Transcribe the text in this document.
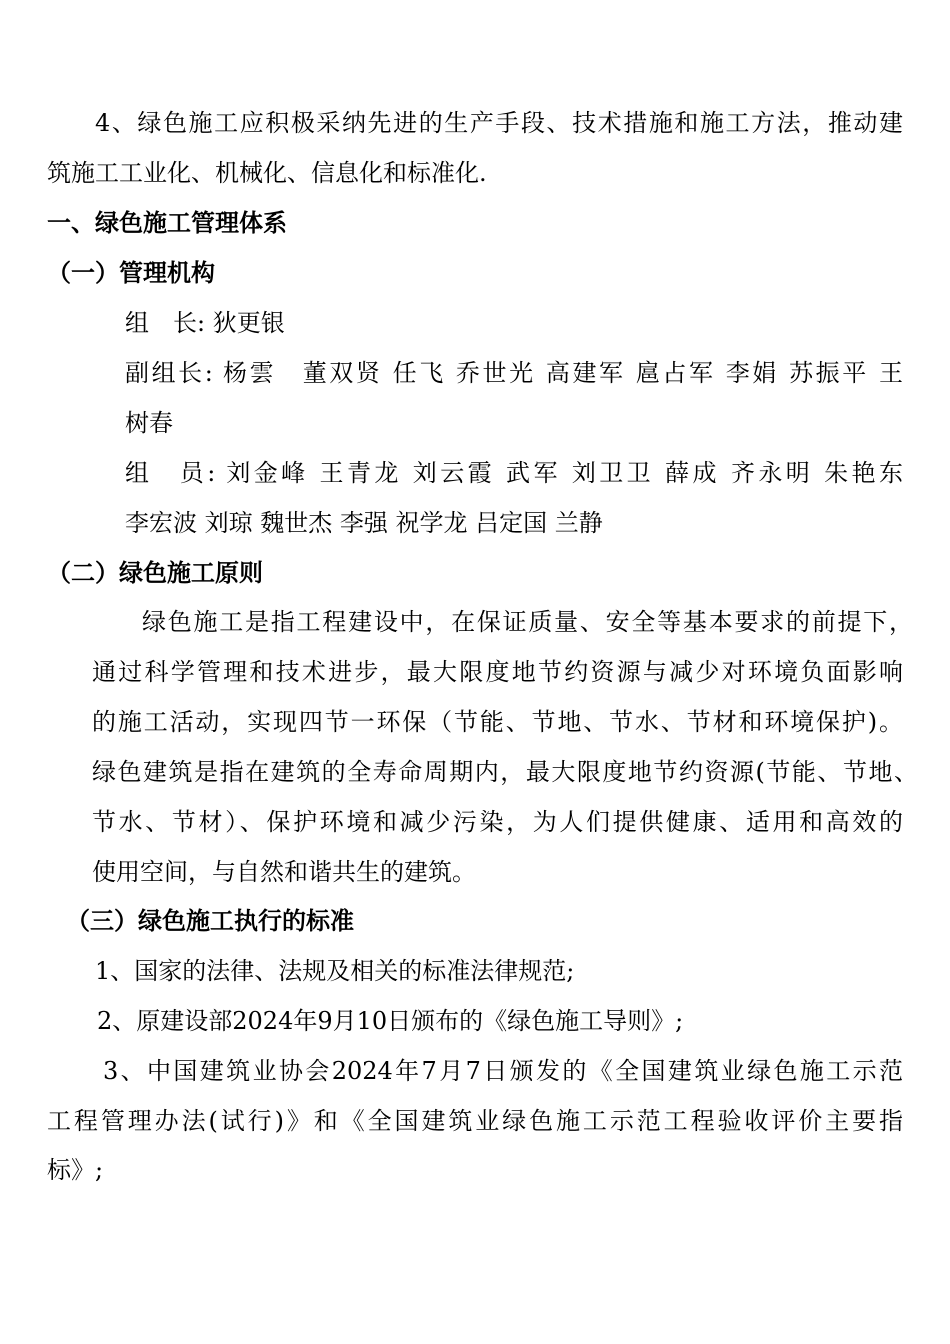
4、绿色施工应积极采纳先进的生产手段、技术措施和施工方法，推动建
筑施工工业化、机械化、信息化和标准化.
一、绿色施工管理体系
（一）管理机构
组　长: 狄更银
副组长: 杨雲　董双贤 任飞 乔世光 高建军 扈占军 李娟 苏振平 王
树春
组　员: 刘金峰 王青龙 刘云霞 武军 刘卫卫 薛成 齐永明 朱艳东
李宏波 刘琼 魏世杰 李强 祝学龙 吕定国 兰静
（二）绿色施工原则
绿色施工是指工程建设中，在保证质量、安全等基本要求的前提下，
通过科学管理和技术进步，最大限度地节约资源与减少对环境负面影响
的施工活动，实现四节一环保（节能、节地、节水、节材和环境保护)。
绿色建筑是指在建筑的全寿命周期内，最大限度地节约资源(节能、节地、
节水、节材）、保护环境和减少污染，为人们提供健康、适用和高效的
使用空间，与自然和谐共生的建筑。
（三）绿色施工执行的标准
1、国家的法律、法规及相关的标准法律规范;
2、原建设部2024年9月10日颁布的《绿色施工导则》;
3、中国建筑业协会2024年7月7日颁发的《全国建筑业绿色施工示范
工程管理办法(试行)》和《全国建筑业绿色施工示范工程验收评价主要指
标》;
